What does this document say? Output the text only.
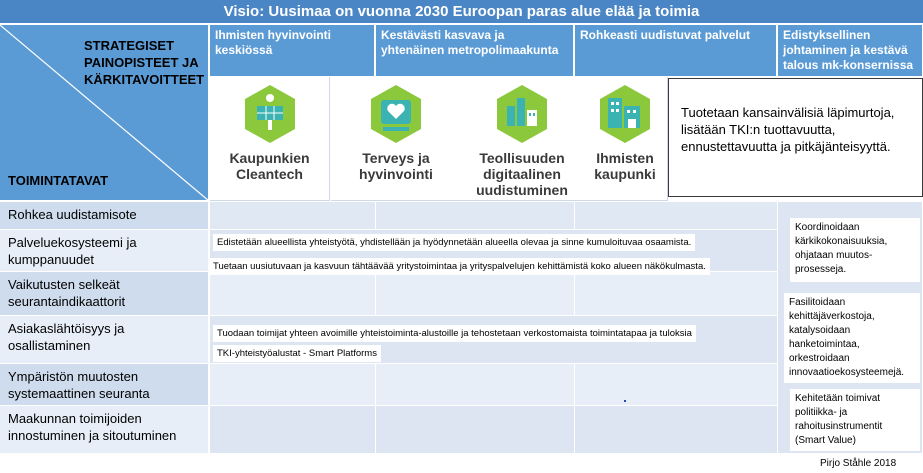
Visio: Uusimaa on vuonna 2030 Euroopan paras alue elää ja toimia
STRATEGISET PAINOPISTEET JA KÄRKITAVOITTEET
TOIMINTATAVAT
Ihmisten hyvinvointi keskiössä
Kestävästi kasvava ja yhtenäinen metropolimaakunta
Rohkeasti uudistuvat palvelut	Edistyksellinen johtaminen ja kestävä talous mk-konsernissa
Kaupunkien Cleantech
Terveys ja hyvinvointi
Teollisuuden digitaalinen uudistuminen
Ihmisten kaupunki
Tuotetaan kansainvälisiä läpimurtoja, lisätään TKI:n tuottavuutta, ennustettavuutta ja pitkäjänteisyyttä.
Rohkea uudistamisote
Palveluekosysteemi ja kumppanuudet
Vaikutusten selkeät seurantaindikaattorit
Asiakaslähtöisyys ja osallistaminen
Ympäristön muutosten systemaattinen seuranta
Maakunnan toimijoiden innostuminen ja sitoutuminen
Edistetään alueellista yhteistyötä, yhdistellään ja hyödynnetään alueella olevaa ja sinne kumuloituvaa osaamista.
Tuetaan uusiutuvaan ja kasvuun tähtäävää yritystoimintaa ja yrityspalvelujen kehittämistä koko alueen näkökulmasta.
Tuodaan toimijat yhteen avoimille yhteistoiminta-alustoille ja tehostetaan verkostomaista toimintatapaa ja tuloksia
TKI-yhteistyöalustat - Smart Platforms
Koordinoidaan kärkikokonaisuuksia, ohjataan muutos-prosesseja.
Fasilitoidaan kehittäjäverkostoja, katalysoidaan hanketoimintaa, orkestroidaan innovaatioekosysteemejä.
Kehitetään toimivat politiikka- ja rahoitusinstrumentit (Smart Value)
Pirjo Ståhle 2018
